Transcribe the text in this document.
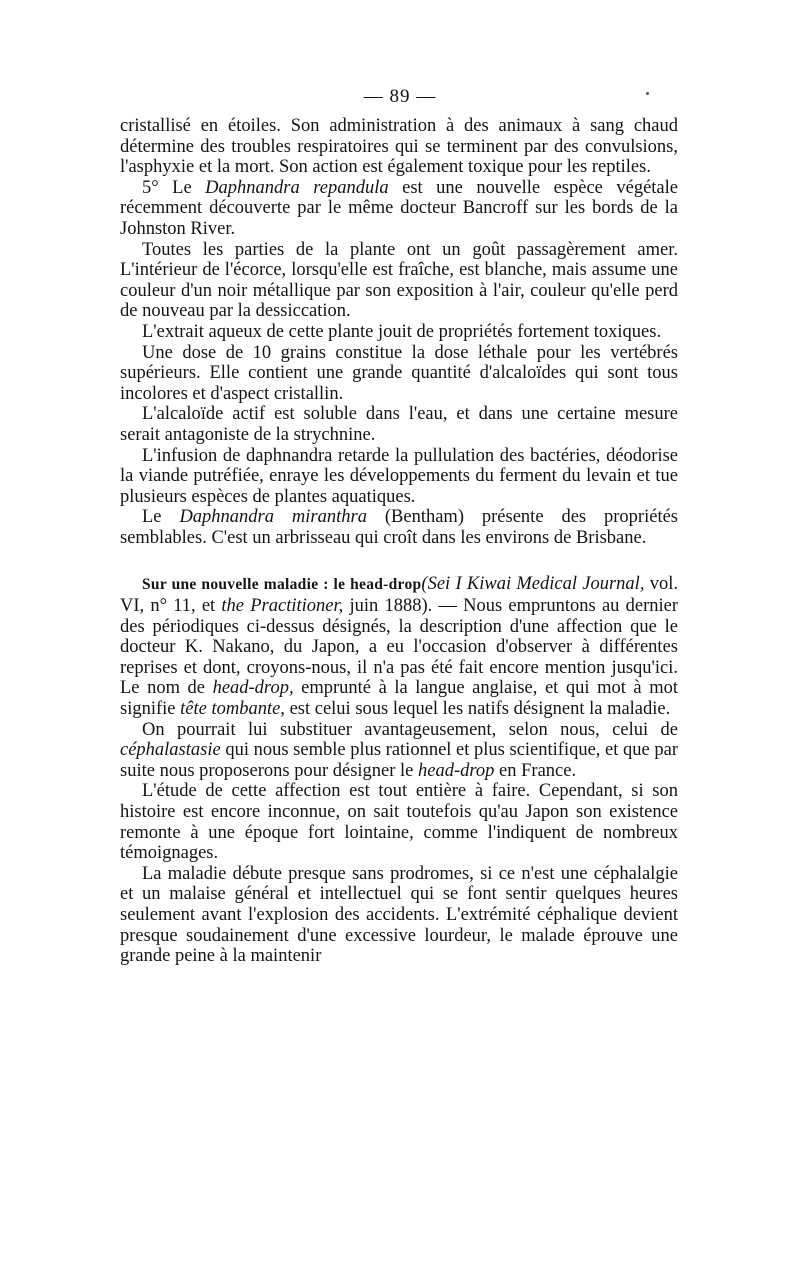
— 89 —

cristallisé en étoiles. Son administration à des animaux à sang chaud détermine des troubles respiratoires qui se terminent par des convulsions, l'asphyxie et la mort. Son action est également toxique pour les reptiles.

5° Le Daphnandra repandula est une nouvelle espèce végétale récemment découverte par le même docteur Bancroff sur les bords de la Johnston River.

Toutes les parties de la plante ont un goût passagèrement amer. L'intérieur de l'écorce, lorsqu'elle est fraîche, est blanche, mais assume une couleur d'un noir métallique par son exposition à l'air, couleur qu'elle perd de nouveau par la dessiccation.

L'extrait aqueux de cette plante jouit de propriétés fortement toxiques.

Une dose de 10 grains constitue la dose léthale pour les vertébrés supérieurs. Elle contient une grande quantité d'alcaloïdes qui sont tous incolores et d'aspect cristallin.

L'alcaloïde actif est soluble dans l'eau, et dans une certaine mesure serait antagoniste de la strychnine.

L'infusion de daphnandra retarde la pullulation des bactéries, déodorise la viande putréfiée, enraye les développements du ferment du levain et tue plusieurs espèces de plantes aquatiques.

Le Daphnandra miranthra (Bentham) présente des propriétés semblables. C'est un arbrisseau qui croît dans les environs de Brisbane.

Sur une nouvelle maladie : le head-drop(Sei I Kiwai Medical Journal, vol. VI, n° 11, et the Practitioner, juin 1888). — Nous empruntons au dernier des périodiques ci-dessus désignés, la description d'une affection que le docteur K. Nakano, du Japon, a eu l'occasion d'observer à différentes reprises et dont, croyons-nous, il n'a pas été fait encore mention jusqu'ici. Le nom de head-drop, emprunté à la langue anglaise, et qui mot à mot signifie tête tombante, est celui sous lequel les natifs désignent la maladie.

On pourrait lui substituer avantageusement, selon nous, celui de céphalastasie qui nous semble plus rationnel et plus scientifique, et que par suite nous proposerons pour désigner le head-drop en France.

L'étude de cette affection est tout entière à faire. Cependant, si son histoire est encore inconnue, on sait toutefois qu'au Japon son existence remonte à une époque fort lointaine, comme l'indiquent de nombreux témoignages.

La maladie débute presque sans prodromes, si ce n'est une céphalalgie et un malaise général et intellectuel qui se font sentir quelques heures seulement avant l'explosion des accidents. L'extrémité céphalique devient presque soudainement d'une excessive lourdeur, le malade éprouve une grande peine à la maintenir
